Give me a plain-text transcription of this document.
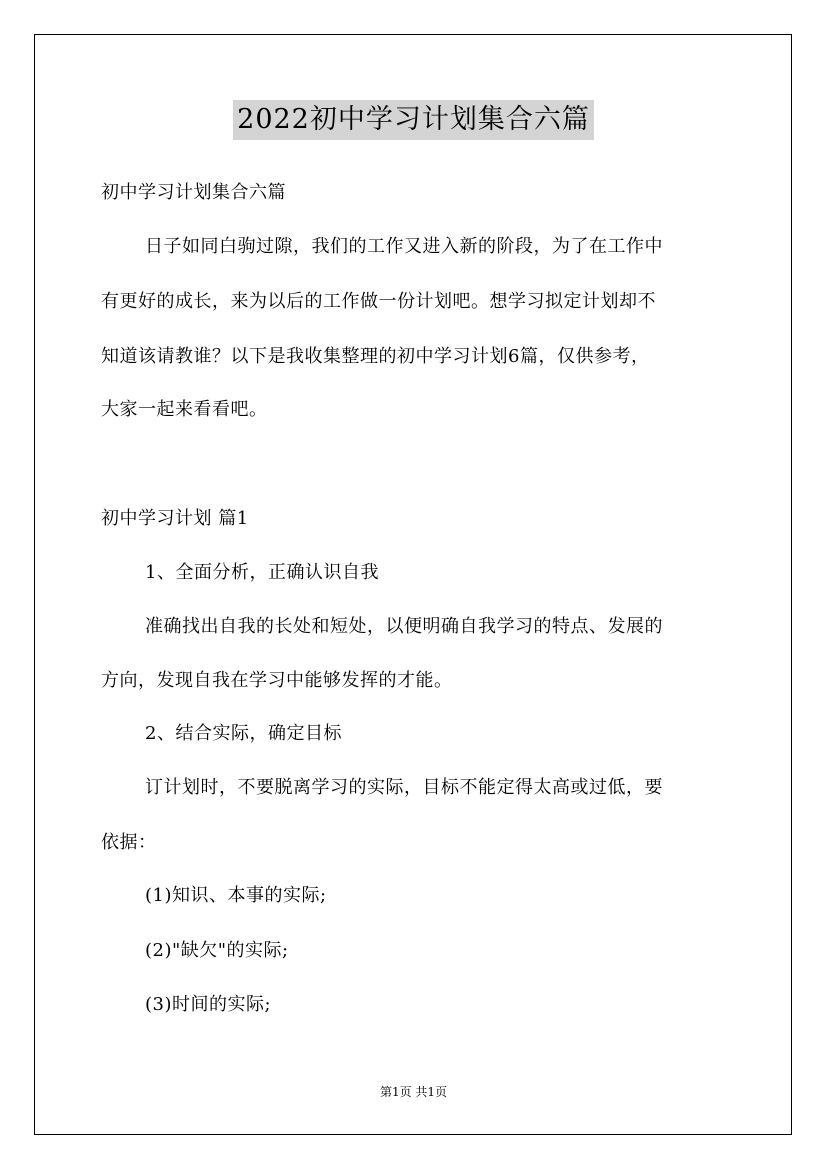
2022初中学习计划集合六篇
初中学习计划集合六篇
日子如同白驹过隙，我们的工作又进入新的阶段，为了在工作中
有更好的成长，来为以后的工作做一份计划吧。想学习拟定计划却不
知道该请教谁？以下是我收集整理的初中学习计划6篇，仅供参考，
大家一起来看看吧。
初中学习计划 篇1
1、全面分析，正确认识自我
准确找出自我的长处和短处，以便明确自我学习的特点、发展的
方向，发现自我在学习中能够发挥的才能。
2、结合实际，确定目标
订计划时，不要脱离学习的实际，目标不能定得太高或过低，要
依据：
(1)知识、本事的实际;
(2)"缺欠"的实际;
(3)时间的实际;
第1页 共1页
